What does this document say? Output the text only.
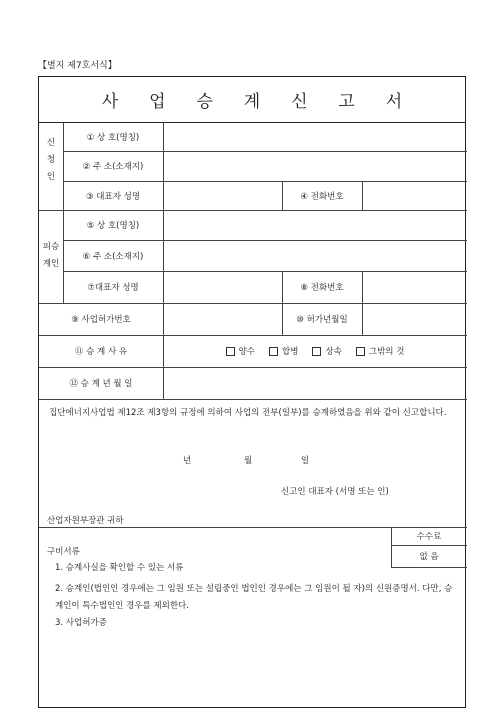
【별지 제7호서식】
사 업 승 계 신 고 서
신
청
인
① 상 호(명칭)
② 주 소(소재지)
③ 대표자 성명	④ 전화번호
피승
계인
⑤ 상 호(명칭)
⑥ 주 소(소재지)
⑦대표자 성명	⑧ 전화번호
⑨ 사업허가번호	⑩ 허가년월일
⑪ 승 계 사 유	양수	합병	상속	그밖의 것
⑫ 승 계 년 월 일
집단에너지사업법 제12조 제3항의 규정에 의하여 사업의 전부(일부)를 승계하였음을 위와 같이 신고합니다.
년	월	일
신고인 대표자 (서명 또는 인)
산업자원부장관 귀하
수수료
없 음
구비서류
1. 승계사실을 확인할 수 있는 서류
2. 승계인(법인인 경우에는 그 임원 또는 설립중인 법인인 경우에는 그 임원이 될 자)의 신원증명서. 다만, 승계인이 특수법인인 경우를 제외한다.
3. 사업허가증
